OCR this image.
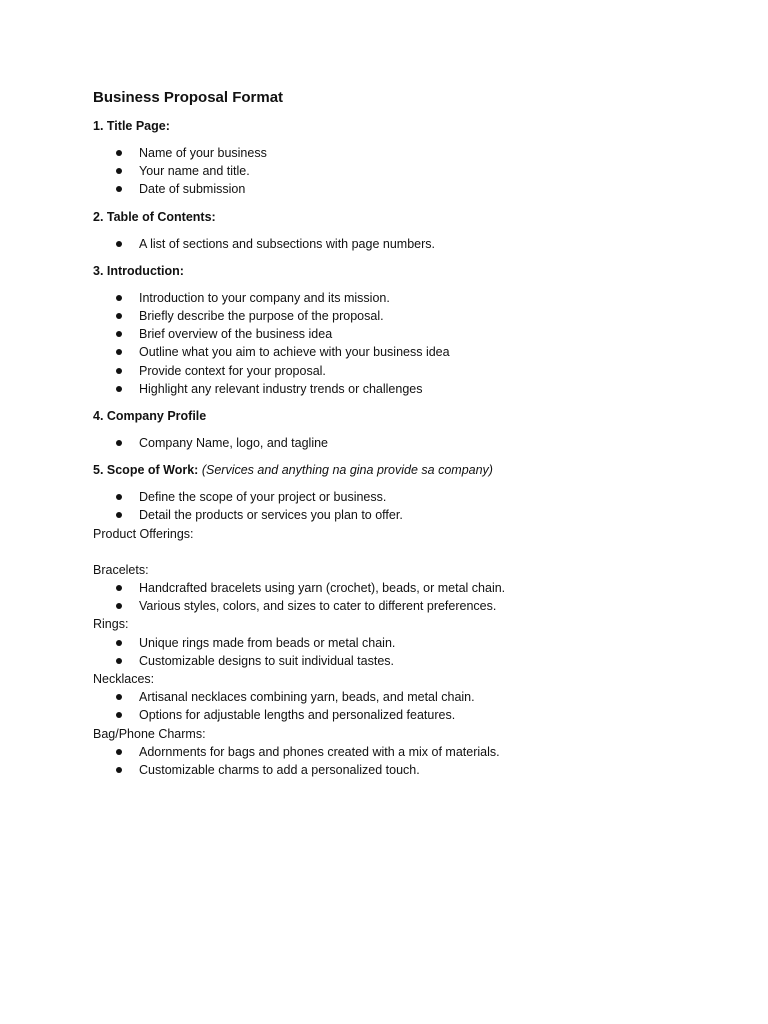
Business Proposal Format
1. Title Page:
Name of your business
Your name and title.
Date of submission
2. Table of Contents:
A list of sections and subsections with page numbers.
3. Introduction:
Introduction to your company and its mission.
Briefly describe the purpose of the proposal.
Brief overview of the business idea
Outline what you aim to achieve with your business idea
Provide context for your proposal.
Highlight any relevant industry trends or challenges
4. Company Profile
Company Name, logo, and tagline
5. Scope of Work: (Services and anything na gina provide sa company)
Define the scope of your project or business.
Detail the products or services you plan to offer.

Product Offerings:

Bracelets:

Handcrafted bracelets using yarn (crochet), beads, or metal chain.
Various styles, colors, and sizes to cater to different preferences.

Rings:

Unique rings made from beads or metal chain.
Customizable designs to suit individual tastes.

Necklaces:

Artisanal necklaces combining yarn, beads, and metal chain.
Options for adjustable lengths and personalized features.

Bag/Phone Charms:

Adornments for bags and phones created with a mix of materials.
Customizable charms to add a personalized touch.
